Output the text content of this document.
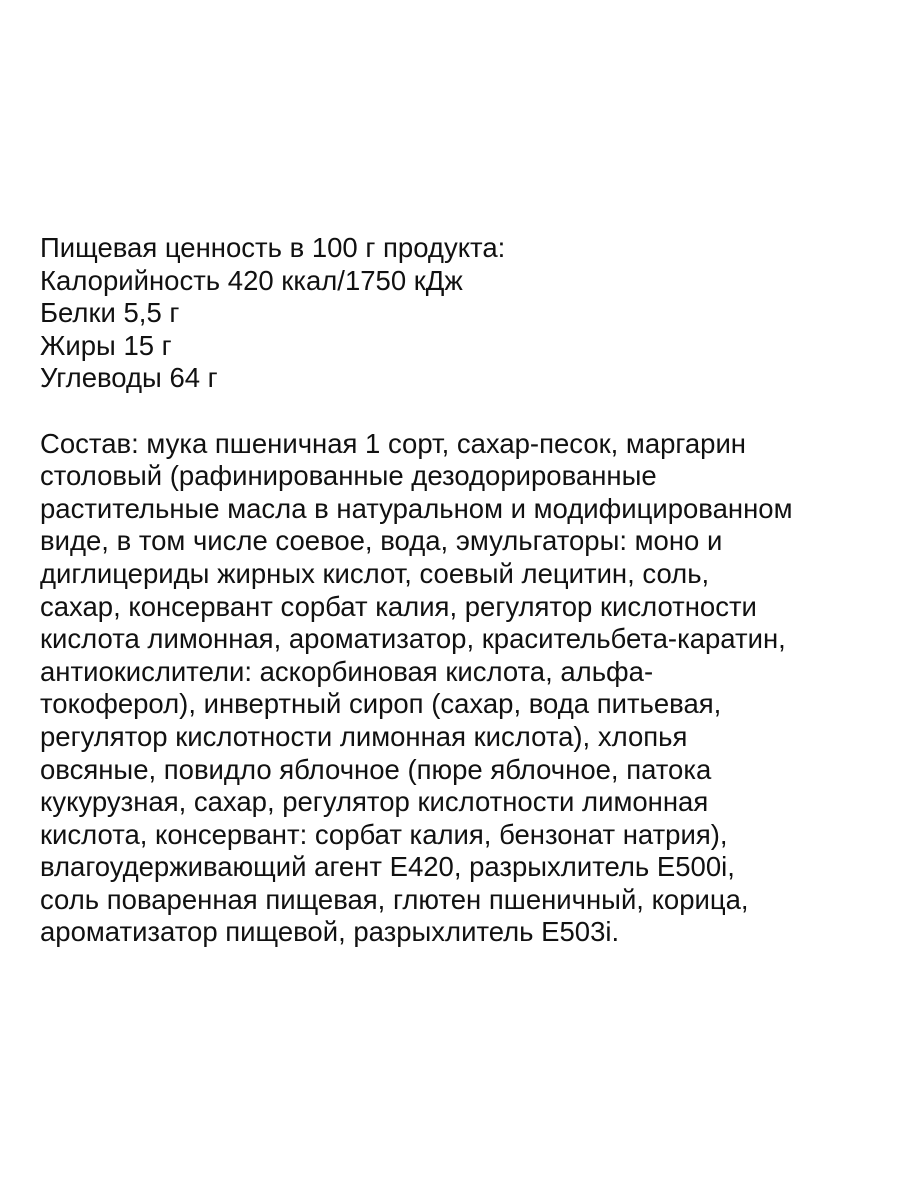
Пищевая ценность в 100 г продукта:
Калорийность 420 ккал/1750 кДж
Белки 5,5 г
Жиры 15 г
Углеводы 64 г
Состав: мука пшеничная 1 сорт, сахар-песок, маргарин
столовый (рафинированные дезодорированные
растительные масла в натуральном и модифицированном
виде, в том числе соевое, вода, эмульгаторы: моно и
диглицериды жирных кислот, соевый лецитин, соль,
сахар, консервант сорбат калия, регулятор кислотности
кислота лимонная, ароматизатор, красительбета-каратин,
антиокислители: аскорбиновая кислота, альфа-
токоферол), инвертный сироп (сахар, вода питьевая,
регулятор кислотности лимонная кислота), хлопья
овсяные, повидло яблочное (пюре яблочное, патока
кукурузная, сахар, регулятор кислотности лимонная
кислота, консервант: сорбат калия, бензонат натрия),
влагоудерживающий агент Е420, разрыхлитель Е500i,
соль поваренная пищевая, глютен пшеничный, корица,
ароматизатор пищевой, разрыхлитель Е503i.
